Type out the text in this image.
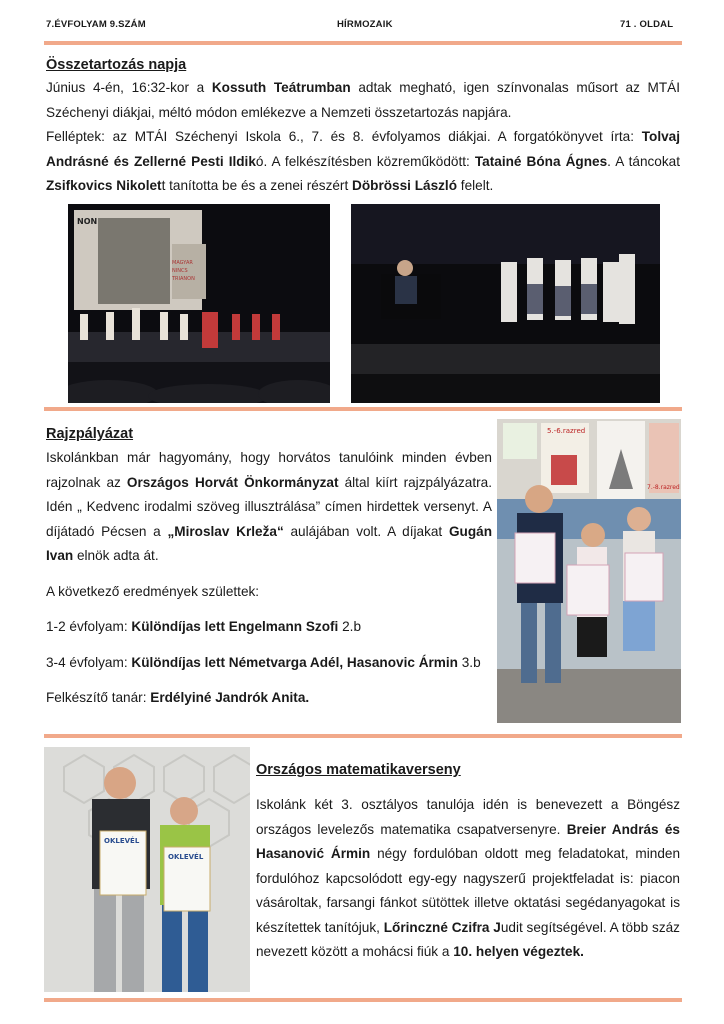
7.ÉVFOLYAM 9.SZÁM	HÍRMOZAIK	71 . OLDAL
Összetartozás napja

Június 4-én, 16:32-kor a Kossuth Teátrumban adtak megható, igen színvonalas műsort az MTÁI Széchenyi diákjai, méltó módon emlékezve a Nemzeti összetartozás napjára.

Felléptek: az MTÁI Széchenyi Iskola 6., 7. és 8. évfolyamos diákjai. A forgatókönyvet írta: Tolvaj Andrásné és Zellerné Pesti Ildikó. A felkészítésben közreműködött: Tatainé Bóna Ágnes. A táncokat Zsifkovics Nikolett tanította be és a zenei részért Döbrössi László felelt.

NON
MAGYAR
NINCS
TRIANON
Rajzpályázat

Iskolánkban már hagyomány, hogy horvátos tanulóink minden évben rajzolnak az Országos Horvát Önkormányzat által kiírt rajzpályázatra. Idén „ Kedvenc irodalmi szöveg illusztrálása” címen hirdettek versenyt. A díjátadó Pécsen a „Miroslav Krleža“ aulájában volt. A díjakat Gugán Ivan elnök adta át.

A következő eredmények születtek:

1-2 évfolyam: Különdíjas lett Engelmann Szofi 2.b

3-4 évfolyam: Különdíjas lett Németvarga Adél, Hasanovic Ármin 3.b

Felkészítő tanár: Erdélyiné Jandrók Anita.

5.-6.razred
7.-8.razred
OKLEVÉL
OKLEVÉL
Országos matematikaverseny

Iskolánk két 3. osztályos tanulója idén is benevezett a Böngész országos levelezős matematika csapatversenyre. Breier András és Hasanović Ármin négy fordulóban oldott meg feladatokat, minden fordulóhoz kapcsolódott egy-egy nagyszerű projektfeladat is: piacon vásároltak, farsangi fánkot sütöttek illetve oktatási segédanyagokat is készítettek tanítójuk, Lőrinczné Czifra Judit segítségével. A több száz nevezett között a mohácsi fiúk a 10. helyen végeztek.
